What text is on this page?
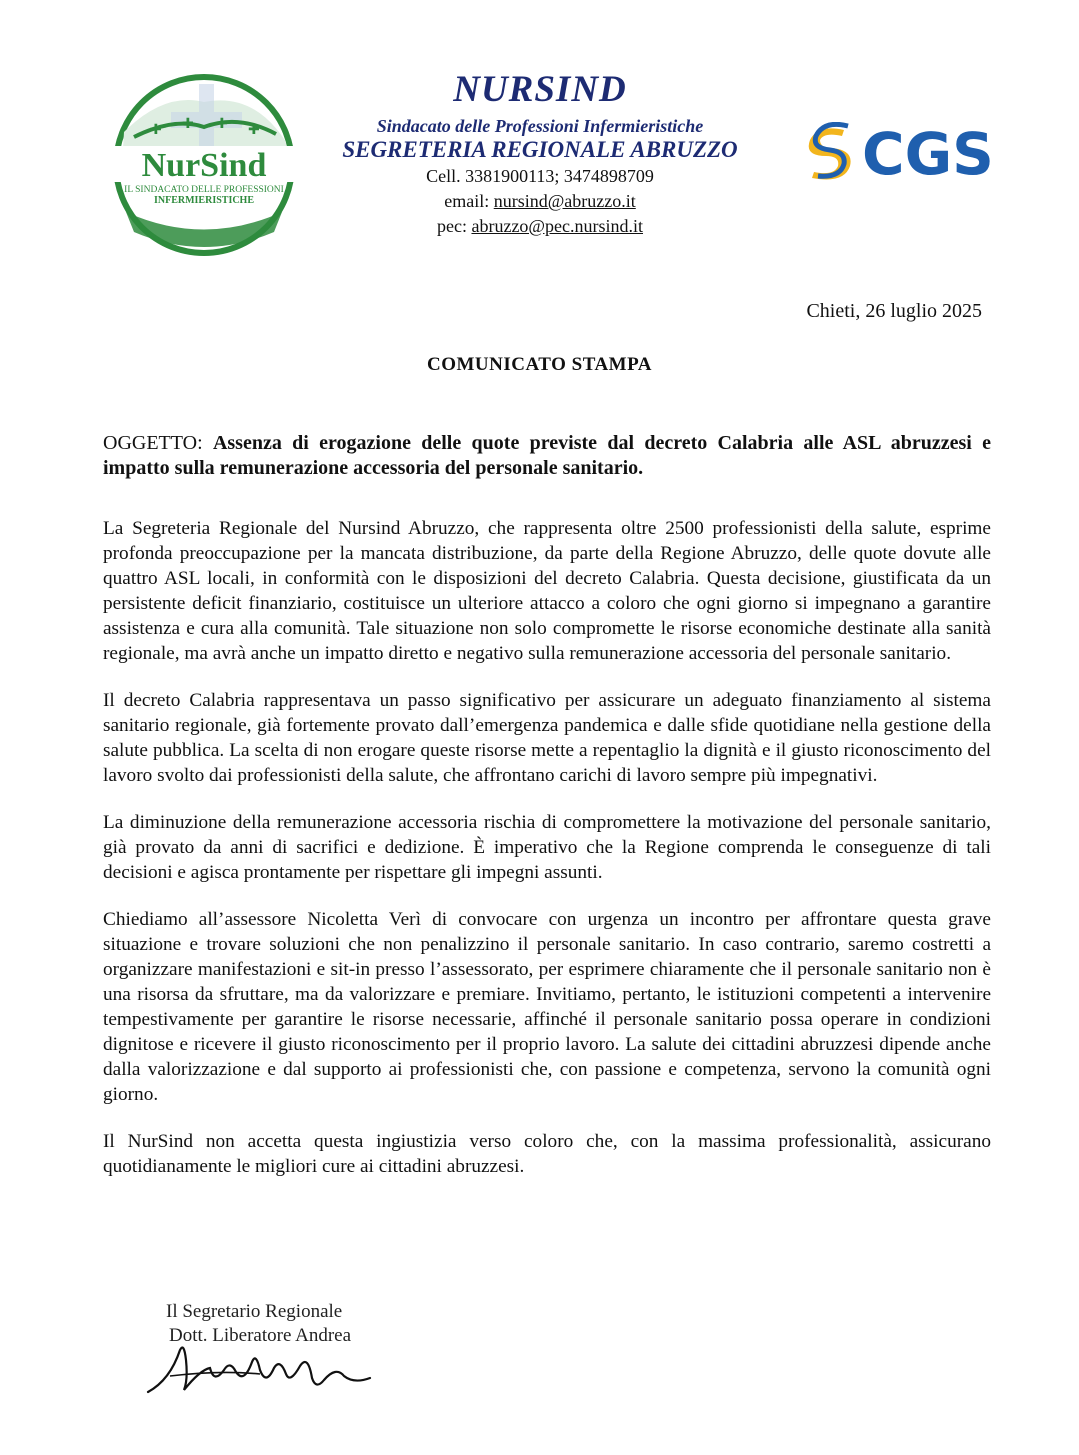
✚ ✚ ✚ ✚
NurSind
IL SINDACATO DELLE PROFESSIONI
INFERMIERISTICHE
NURSIND
Sindacato delle Professioni Infermieristiche
SEGRETERIA REGIONALE ABRUZZO
Cell. 3381900113; 3474898709
email: nursind@abruzzo.it
pec: abruzzo@pec.nursind.it
CGS
Chieti, 26 luglio 2025
COMUNICATO STAMPA
OGGETTO: Assenza di erogazione delle quote previste dal decreto Calabria alle ASL abruzzesi e impatto sulla remunerazione accessoria del personale sanitario.

La Segreteria Regionale del Nursind Abruzzo, che rappresenta oltre 2500 professionisti della salute, esprime profonda preoccupazione per la mancata distribuzione, da parte della Regione Abruzzo, delle quote dovute alle quattro ASL locali, in conformità con le disposizioni del decreto Calabria. Questa decisione, giustificata da un persistente deficit finanziario, costituisce un ulteriore attacco a coloro che ogni giorno si impegnano a garantire assistenza e cura alla comunità. Tale situazione non solo compromette le risorse economiche destinate alla sanità regionale, ma avrà anche un impatto diretto e negativo sulla remunerazione accessoria del personale sanitario.

Il decreto Calabria rappresentava un passo significativo per assicurare un adeguato finanziamento al sistema sanitario regionale, già fortemente provato dall’emergenza pandemica e dalle sfide quotidiane nella gestione della salute pubblica. La scelta di non erogare queste risorse mette a repentaglio la dignità e il giusto riconoscimento del lavoro svolto dai professionisti della salute, che affrontano carichi di lavoro sempre più impegnativi.

La diminuzione della remunerazione accessoria rischia di compromettere la motivazione del personale sanitario, già provato da anni di sacrifici e dedizione. È imperativo che la Regione comprenda le conseguenze di tali decisioni e agisca prontamente per rispettare gli impegni assunti.

Chiediamo all’assessore Nicoletta Verì di convocare con urgenza un incontro per affrontare questa grave situazione e trovare soluzioni che non penalizzino il personale sanitario. In caso contrario, saremo costretti a organizzare manifestazioni e sit-in presso l’assessorato, per esprimere chiaramente che il personale sanitario non è una risorsa da sfruttare, ma da valorizzare e premiare. Invitiamo, pertanto, le istituzioni competenti a intervenire tempestivamente per garantire le risorse necessarie, affinché il personale sanitario possa operare in condizioni dignitose e ricevere il giusto riconoscimento per il proprio lavoro. La salute dei cittadini abruzzesi dipende anche dalla valorizzazione e dal supporto ai professionisti che, con passione e competenza, servono la comunità ogni giorno.

Il NurSind non accetta questa ingiustizia verso coloro che, con la massima professionalità, assicurano quotidianamente le migliori cure ai cittadini abruzzesi.

Il Segretario Regionale
Dott. Liberatore Andrea
